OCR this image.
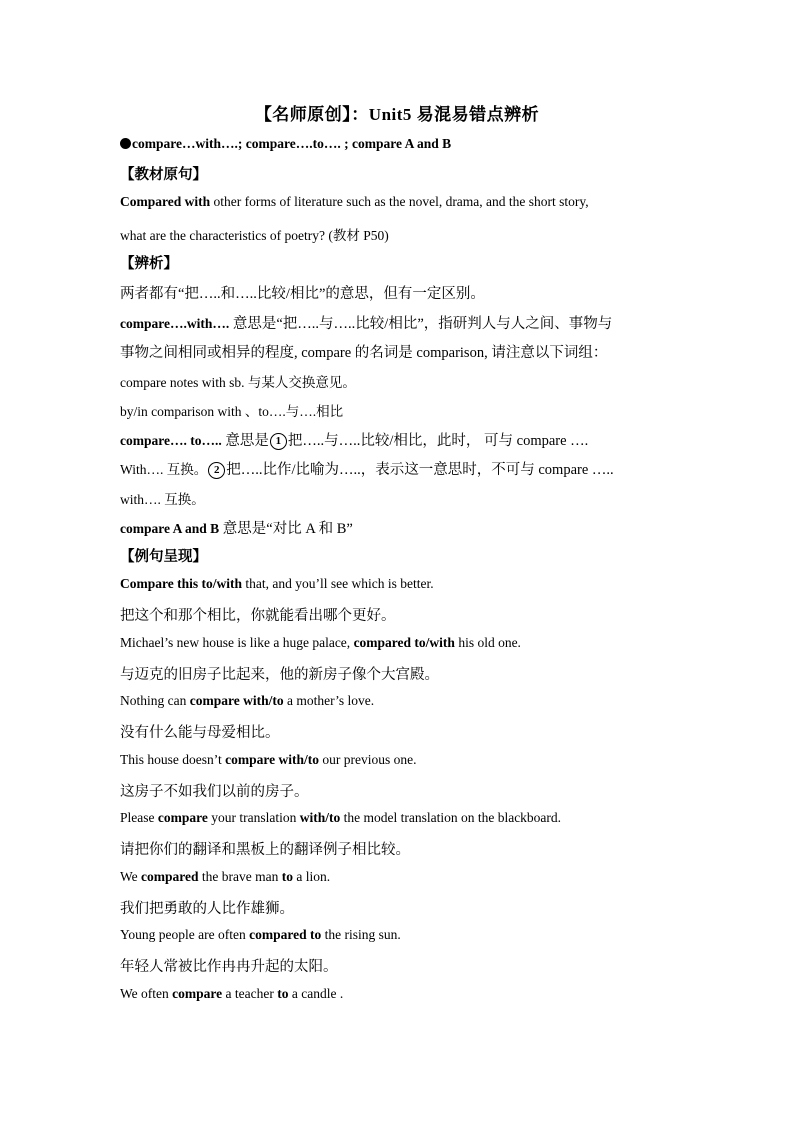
【名师原创】：Unit5 易混易错点辨析
compare…with….; compare….to…. ; compare A and B
【教材原句】
Compared with other forms of literature such as the novel, drama, and the short story,
what are the characteristics of poetry? (教材 P50)
【辨析】
两者都有“把…..和…..比较/相比”的意思，但有一定区别。
compare….with…. 意思是“把…..与…..比较/相比”，指研判人与人之间、事物与
事物之间相同或相异的程度, compare 的名词是 comparison, 请注意以下词组：
compare notes with sb. 与某人交换意见。
by/in comparison with 、to….与….相比
compare…. to….. 意思是 1 把…..与…..比较/相比，此时， 可与 compare ….
With…. 互换。 2 把…..比作/比喻为…..，表示这一意思时，不可与 compare …..
with…. 互换。
compare A and B 意思是“对比 A 和 B”
【例句呈现】
Compare this to/with that, and you’ll see which is better.
把这个和那个相比，你就能看出哪个更好。
Michael’s new house is like a huge palace, compared to/with his old one.
与迈克的旧房子比起来，他的新房子像个大宫殿。
Nothing can compare with/to a mother’s love.
没有什么能与母爱相比。
This house doesn’t compare with/to our previous one.
这房子不如我们以前的房子。
Please compare your translation with/to the model translation on the blackboard.
请把你们的翻译和黑板上的翻译例子相比较。
We compared the brave man to a lion.
我们把勇敢的人比作雄狮。
Young people are often compared to the rising sun.
年轻人常被比作冉冉升起的太阳。
We often compare a teacher to a candle .
